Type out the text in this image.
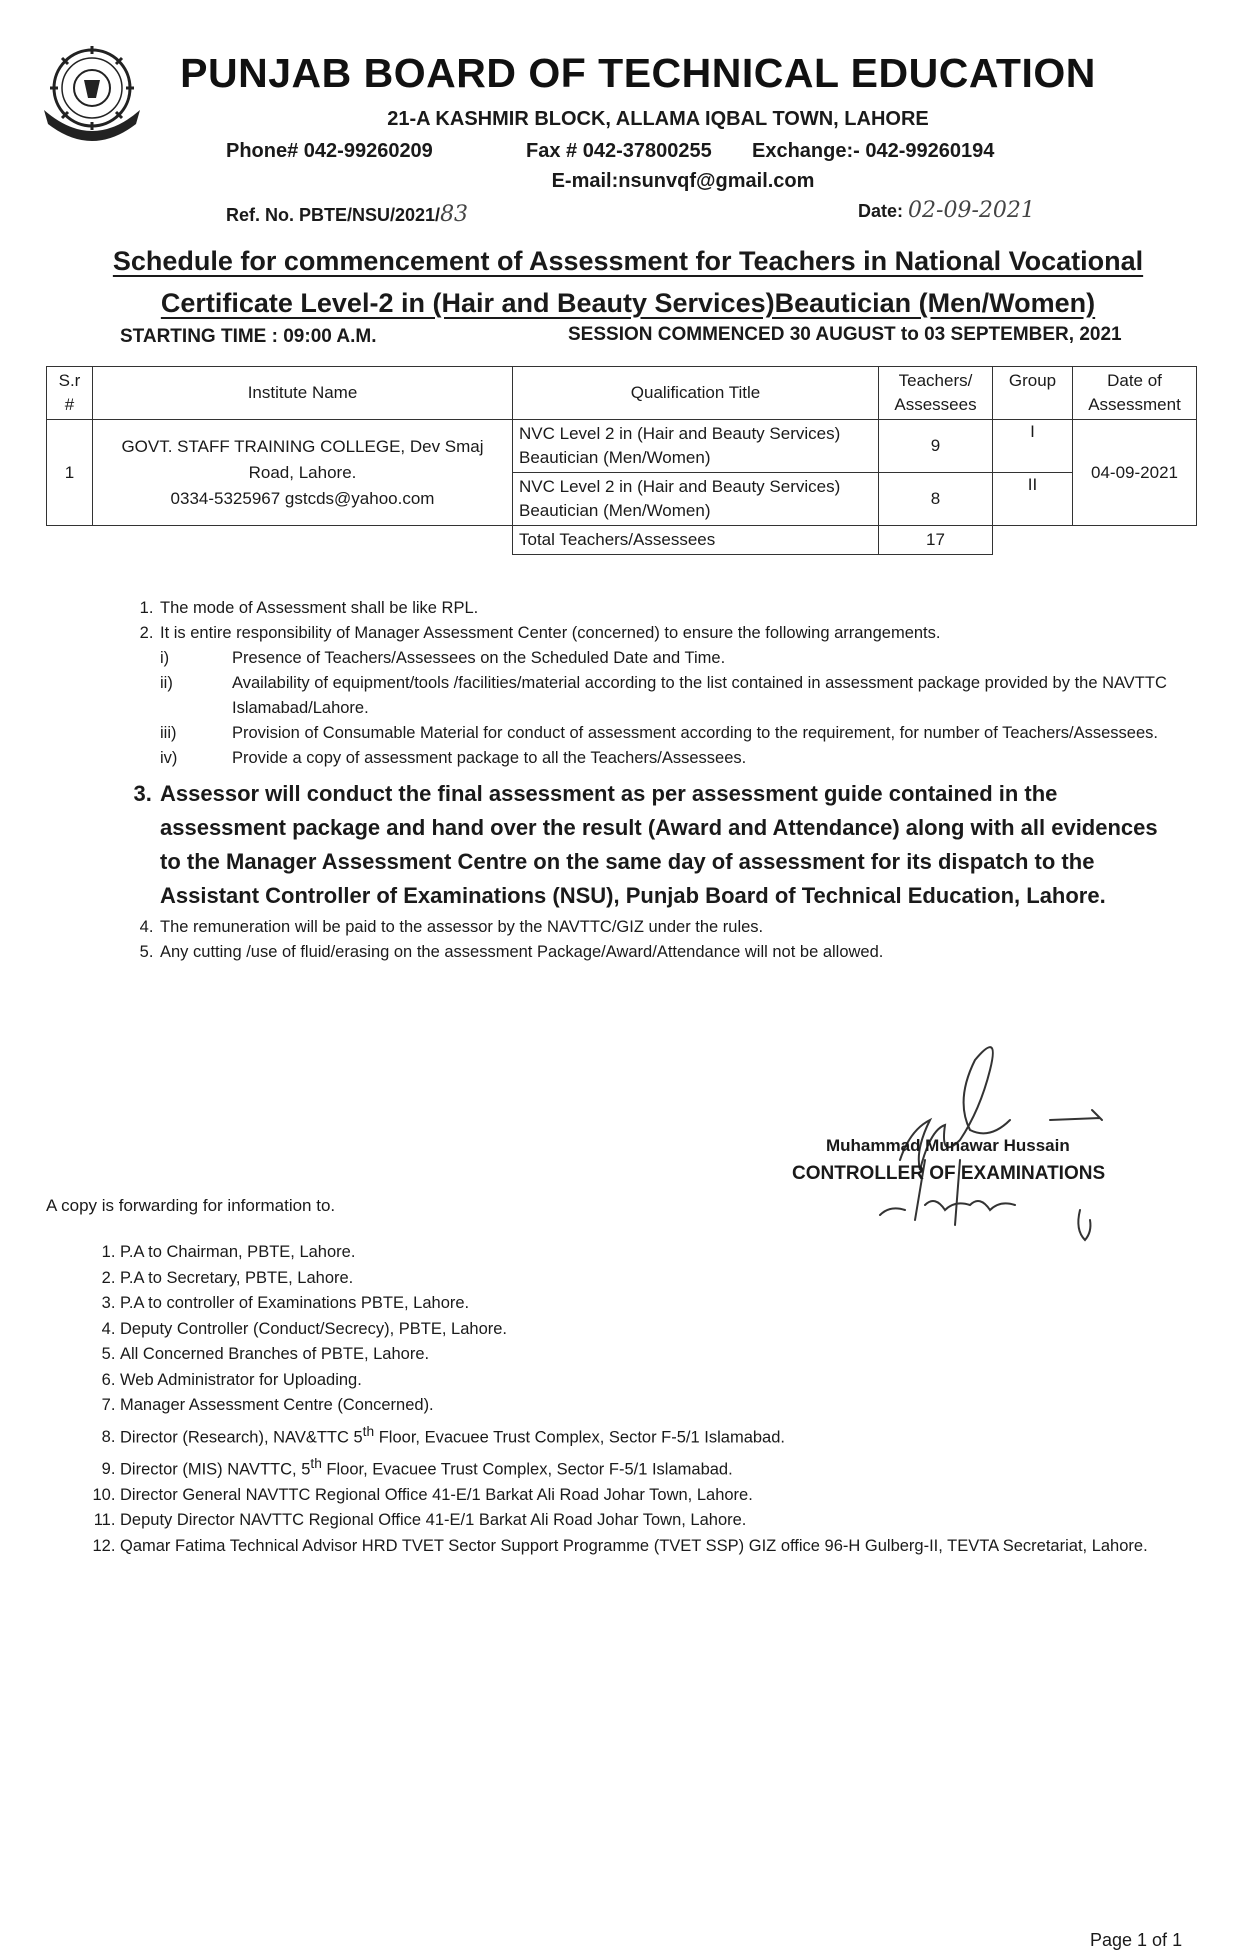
PUNJAB BOARD OF TECHNICAL EDUCATION
21-A KASHMIR BLOCK, ALLAMA IQBAL TOWN, LAHORE
Phone# 042-99260209	Fax # 042-37800255 Exchange:- 042-99260194
E-mail:nsunvqf@gmail.com
Ref. No. PBTE/NSU/2021/83	Date: 02-09-2021
Schedule for commencement of Assessment for Teachers in National Vocational
Certificate Level-2 in (Hair and Beauty Services)Beautician (Men/Women)
STARTING TIME : 09:00 A.M.	SESSION COMMENCED 30 AUGUST to 03 SEPTEMBER, 2021
S.r #	Institute Name	Qualification Title	Teachers/ Assessees	Group	Date of Assessment
1	GOVT. STAFF TRAINING COLLEGE, Dev Smaj
Road, Lahore.
0334-5325967 gstcds@yahoo.com	NVC Level 2 in (Hair and Beauty Services) Beautician (Men/Women)	9	I	04-09-2021
		NVC Level 2 in (Hair and Beauty Services) Beautician (Men/Women)	8	II	
		Total Teachers/Assessees	17		
1. The mode of Assessment shall be like RPL.
2. It is entire responsibility of Manager Assessment Center (concerned) to ensure the following arrangements.
i)	Presence of Teachers/Assessees on the Scheduled Date and Time.
ii)	Availability of equipment/tools /facilities/material according to the list contained in assessment package provided by the NAVTTC Islamabad/Lahore.
iii)	Provision of Consumable Material for conduct of assessment according to the requirement, for number of Teachers/Assessees.
iv)	Provide a copy of assessment package to all the Teachers/Assessees.
3. Assessor will conduct the final assessment as per assessment guide contained in the assessment package and hand over the result (Award and Attendance) along with all evidences to the Manager Assessment Centre on the same day of assessment for its dispatch to the Assistant Controller of Examinations (NSU), Punjab Board of Technical Education, Lahore.
4. The remuneration will be paid to the assessor by the NAVTTC/GIZ under the rules.
5. Any cutting /use of fluid/erasing on the assessment Package/Award/Attendance will not be allowed.
Muhammad Munawar Hussain
CONTROLLER OF EXAMINATIONS
A copy is forwarding for information to.
1. P.A to Chairman, PBTE, Lahore.
2. P.A to Secretary, PBTE, Lahore.
3. P.A to controller of Examinations PBTE, Lahore.
4. Deputy Controller (Conduct/Secrecy), PBTE, Lahore.
5. All Concerned Branches of PBTE, Lahore.
6. Web Administrator for Uploading.
7. Manager Assessment Centre (Concerned).
8. Director (Research), NAV&TTC 5th Floor, Evacuee Trust Complex, Sector F-5/1 Islamabad.
9. Director (MIS) NAVTTC, 5th Floor, Evacuee Trust Complex, Sector F-5/1 Islamabad.
10. Director General NAVTTC Regional Office 41-E/1 Barkat Ali Road Johar Town, Lahore.
11. Deputy Director NAVTTC Regional Office 41-E/1 Barkat Ali Road Johar Town, Lahore.
12. Qamar Fatima Technical Advisor HRD TVET Sector Support Programme (TVET SSP) GIZ office 96-H Gulberg-II, TEVTA Secretariat, Lahore.
Page 1 of 1
